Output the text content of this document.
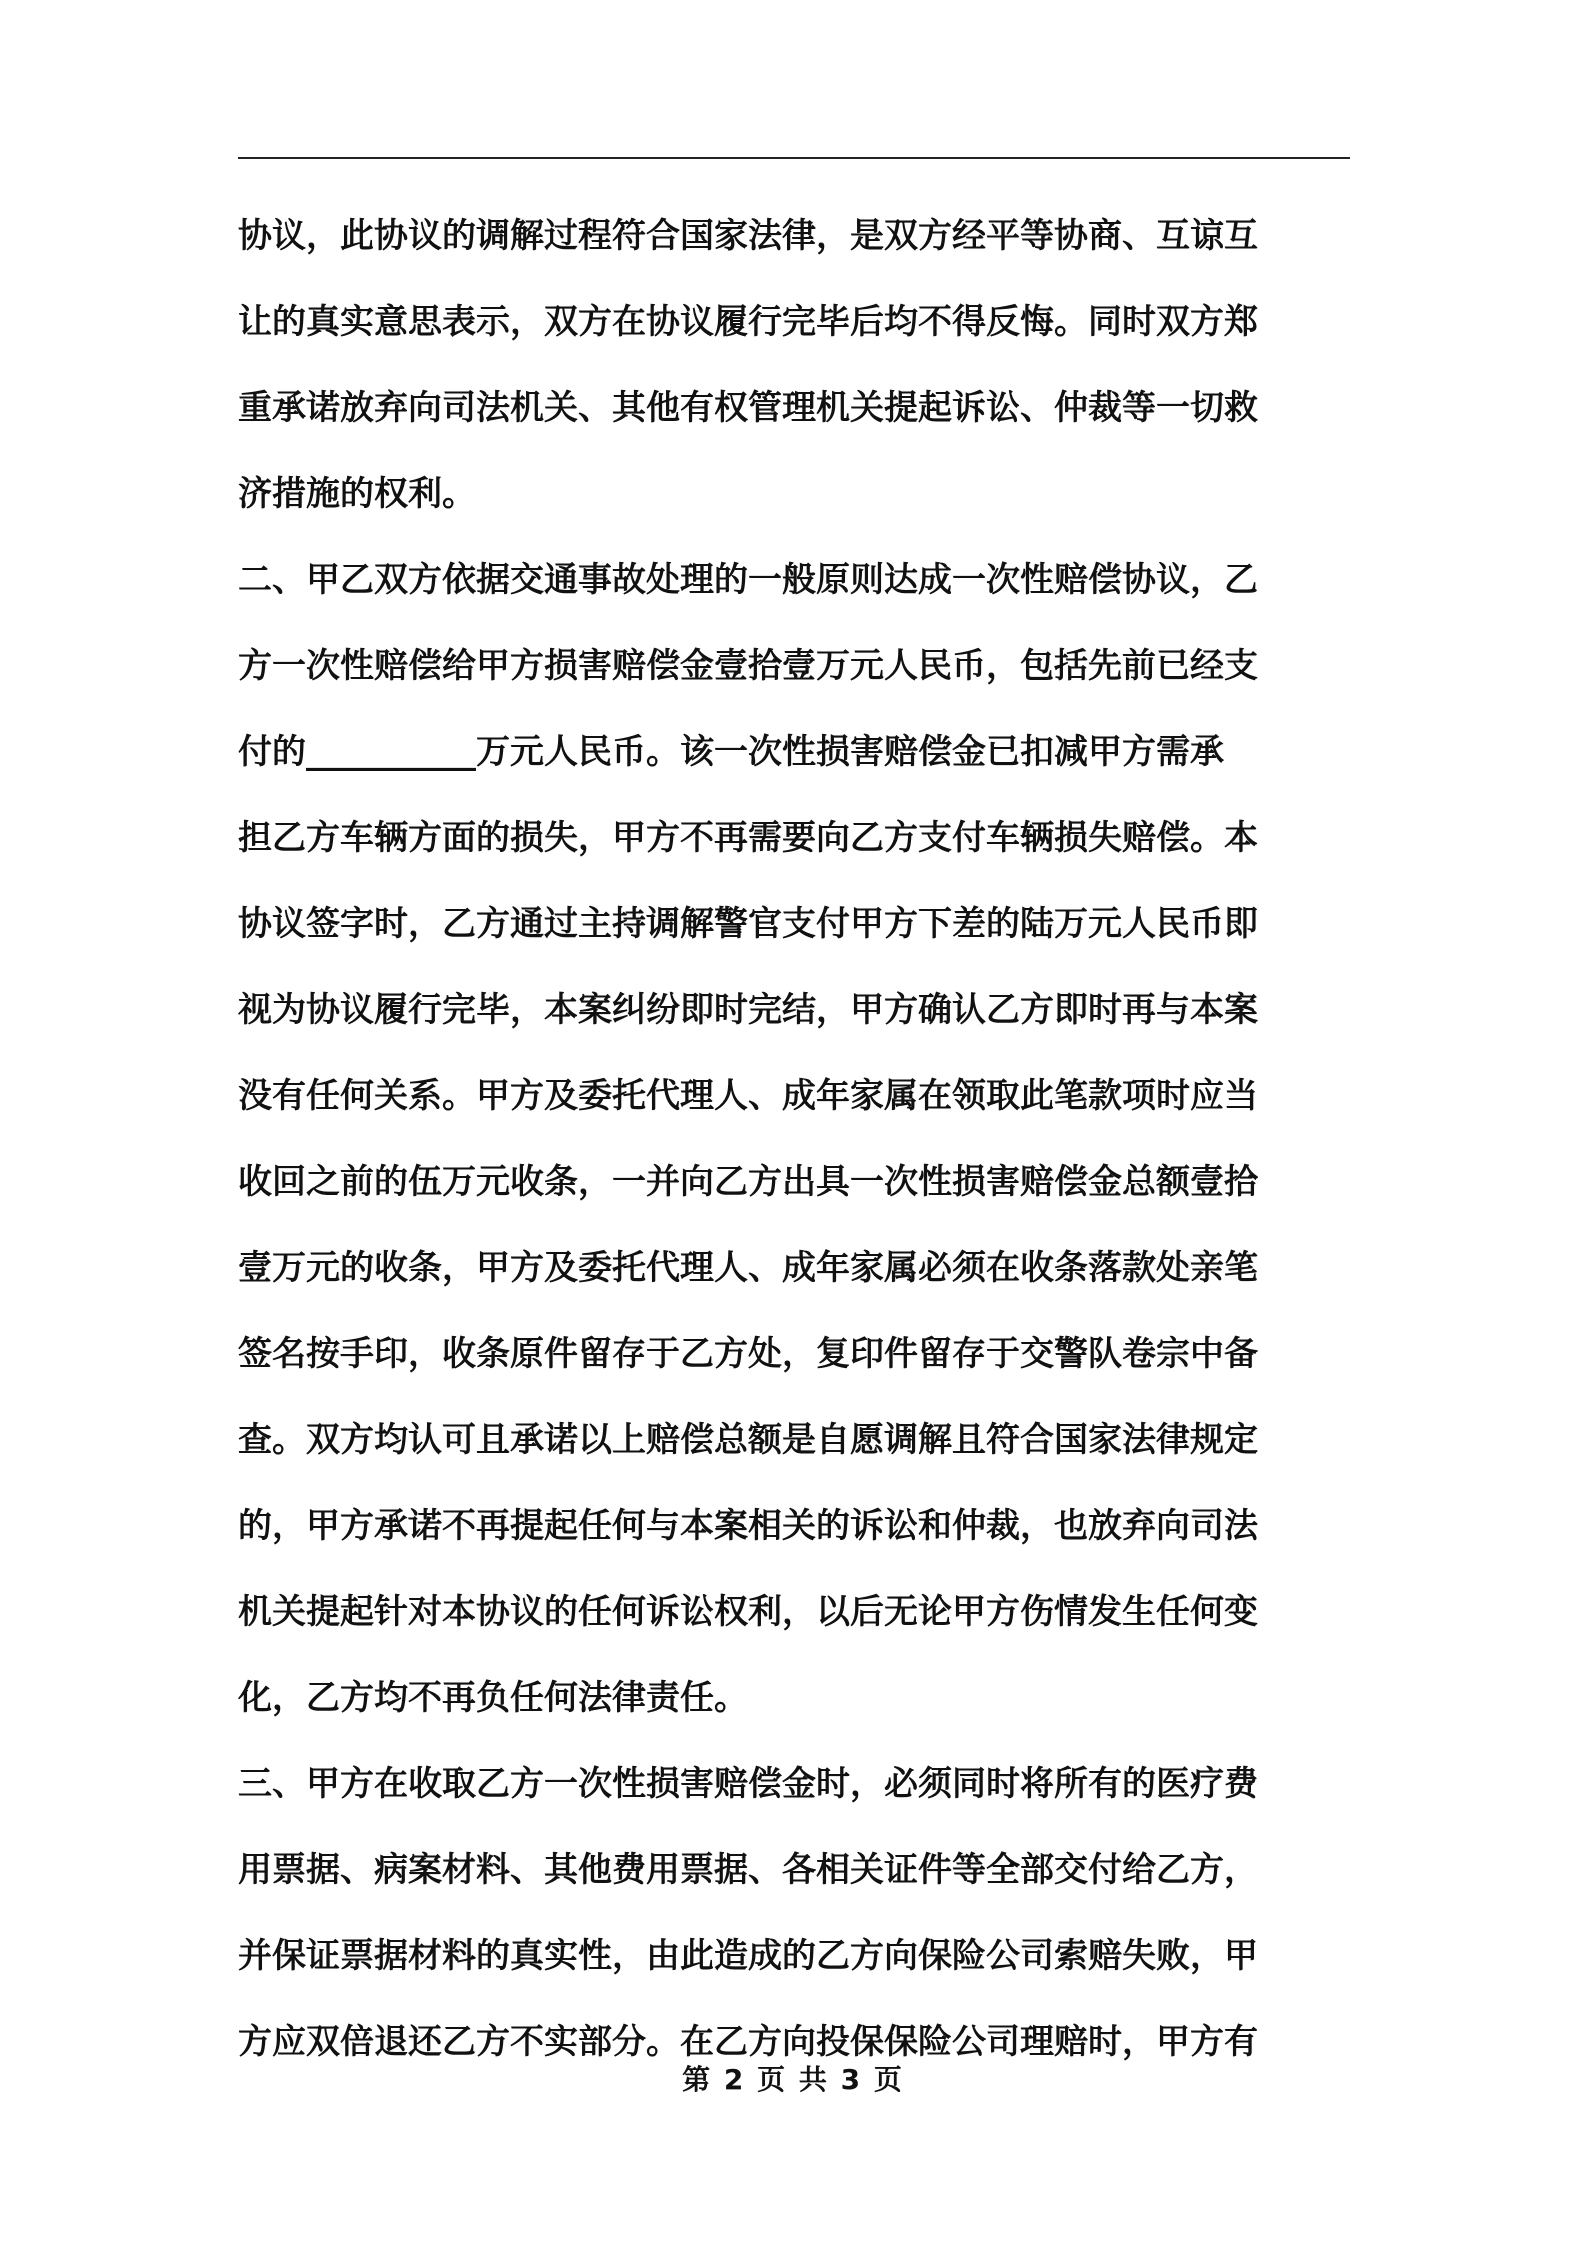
协议，此协议的调解过程符合国家法律，是双方经平等协商、互谅互
让的真实意思表示，双方在协议履行完毕后均不得反悔。同时双方郑
重承诺放弃向司法机关、其他有权管理机关提起诉讼、仲裁等一切救
济措施的权利。
二、甲乙双方依据交通事故处理的一般原则达成一次性赔偿协议，乙
方一次性赔偿给甲方损害赔偿金壹拾壹万元人民币，包括先前已经支
付的__________万元人民币。该一次性损害赔偿金已扣减甲方需承
担乙方车辆方面的损失，甲方不再需要向乙方支付车辆损失赔偿。本
协议签字时，乙方通过主持调解警官支付甲方下差的陆万元人民币即
视为协议履行完毕，本案纠纷即时完结，甲方确认乙方即时再与本案
没有任何关系。甲方及委托代理人、成年家属在领取此笔款项时应当
收回之前的伍万元收条，一并向乙方出具一次性损害赔偿金总额壹拾
壹万元的收条，甲方及委托代理人、成年家属必须在收条落款处亲笔
签名按手印，收条原件留存于乙方处，复印件留存于交警队卷宗中备
查。双方均认可且承诺以上赔偿总额是自愿调解且符合国家法律规定
的，甲方承诺不再提起任何与本案相关的诉讼和仲裁，也放弃向司法
机关提起针对本协议的任何诉讼权利，以后无论甲方伤情发生任何变
化，乙方均不再负任何法律责任。
三、甲方在收取乙方一次性损害赔偿金时，必须同时将所有的医疗费
用票据、病案材料、其他费用票据、各相关证件等全部交付给乙方，
并保证票据材料的真实性，由此造成的乙方向保险公司索赔失败，甲
方应双倍退还乙方不实部分。在乙方向投保保险公司理赔时，甲方有
第 2 页 共 3 页
